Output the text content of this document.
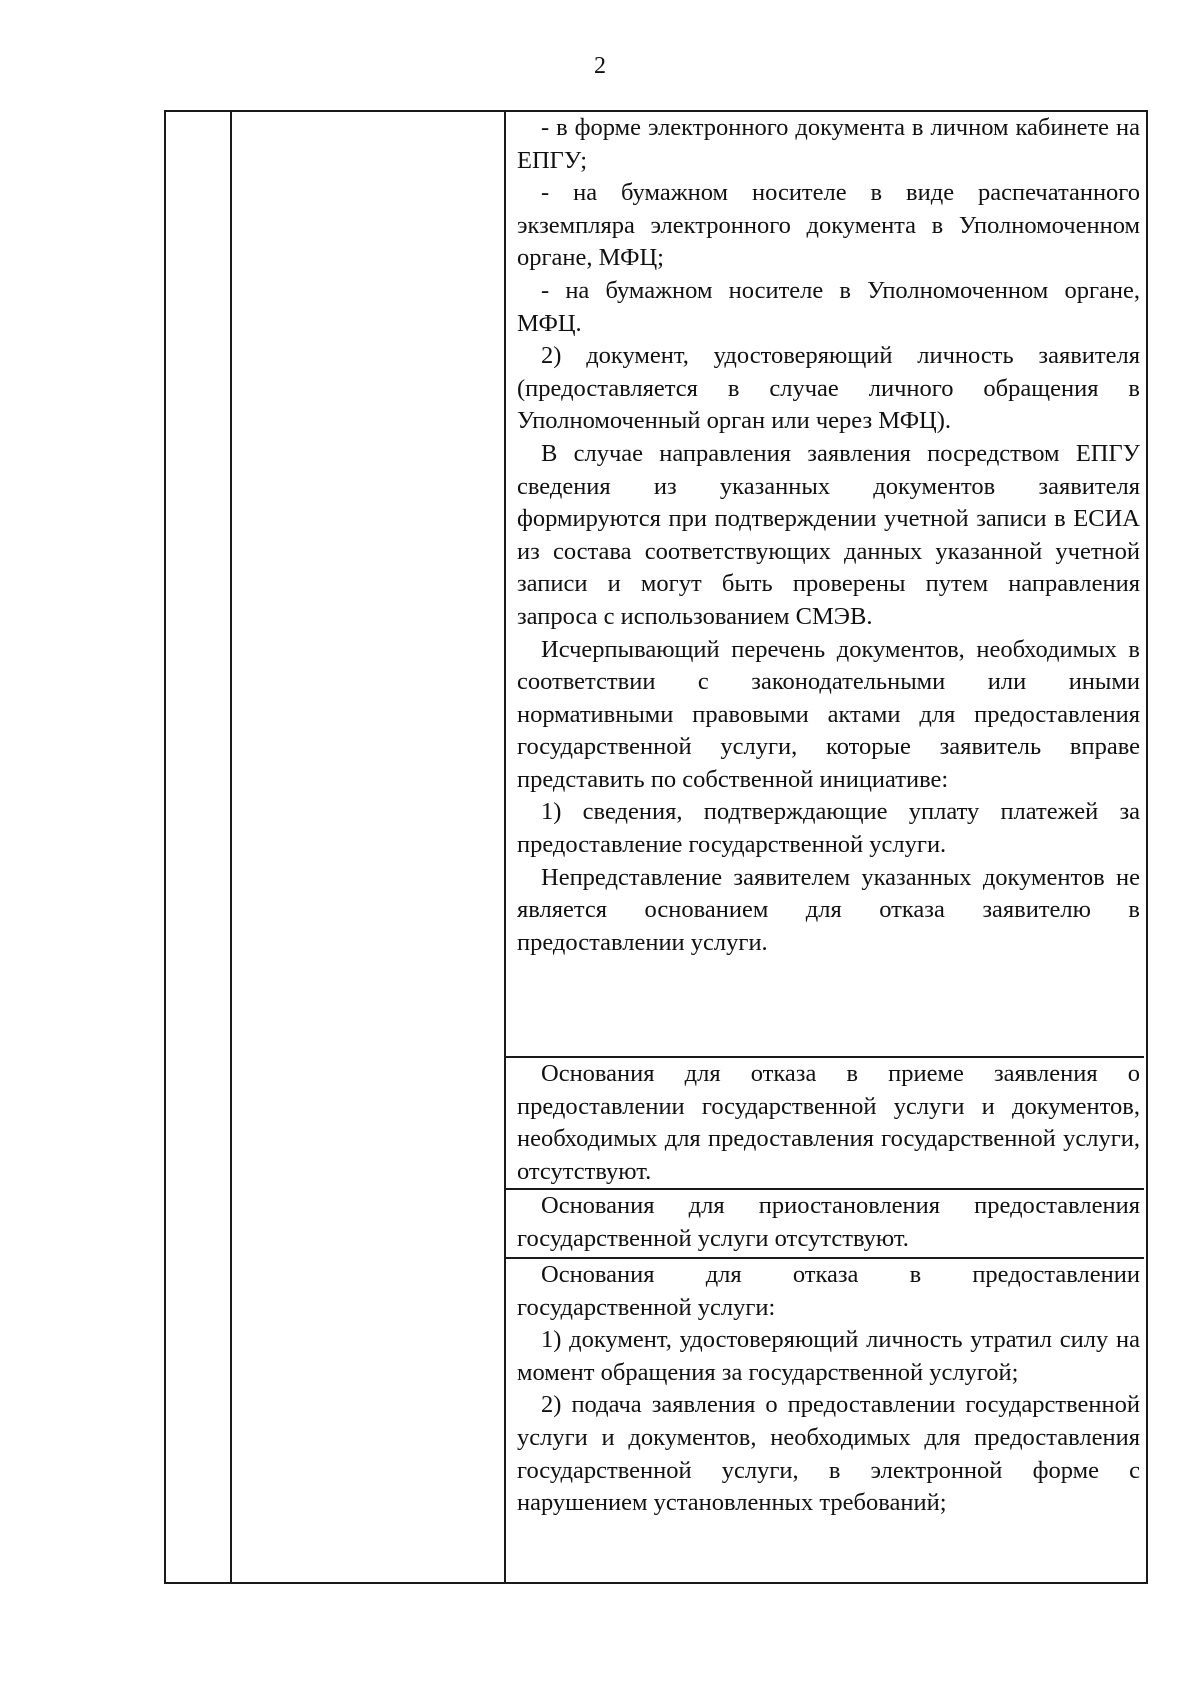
2

- в форме электронного документа в личном кабинете на ЕПГУ;

- на бумажном носителе в виде распечатанного экземпляра электронного документа в Уполномоченном органе, МФЦ;

- на бумажном носителе в Уполномоченном органе, МФЦ.

2) документ, удостоверяющий личность заявителя (предоставляется в случае личного обращения в Уполномоченный орган или через МФЦ).

В случае направления заявления посредством ЕПГУ сведения из указанных документов заявителя формируются при подтверждении учетной записи в ЕСИА из состава соответствующих данных указанной учетной записи и могут быть проверены путем направления запроса с использованием СМЭВ.

Исчерпывающий перечень документов, необходимых в соответствии с законодательными или иными нормативными правовыми актами для предоставления государственной услуги, которые заявитель вправе представить по собственной инициативе:

1) сведения, подтверждающие уплату платежей за предоставление государственной услуги.

Непредставление заявителем указанных документов не является основанием для отказа заявителю в предоставлении услуги.

Основания для отказа в приеме заявления о предоставлении государственной услуги и документов, необходимых для предоставления государственной услуги, отсутствуют.

Основания для приостановления предоставления государственной услуги отсутствуют.

Основания для отказа в предоставлении государственной услуги:

1) документ, удостоверяющий личность утратил силу на момент обращения за государственной услугой;

2) подача заявления о предоставлении государственной услуги и документов, необходимых для предоставления государственной услуги, в электронной форме с нарушением установленных требований;
